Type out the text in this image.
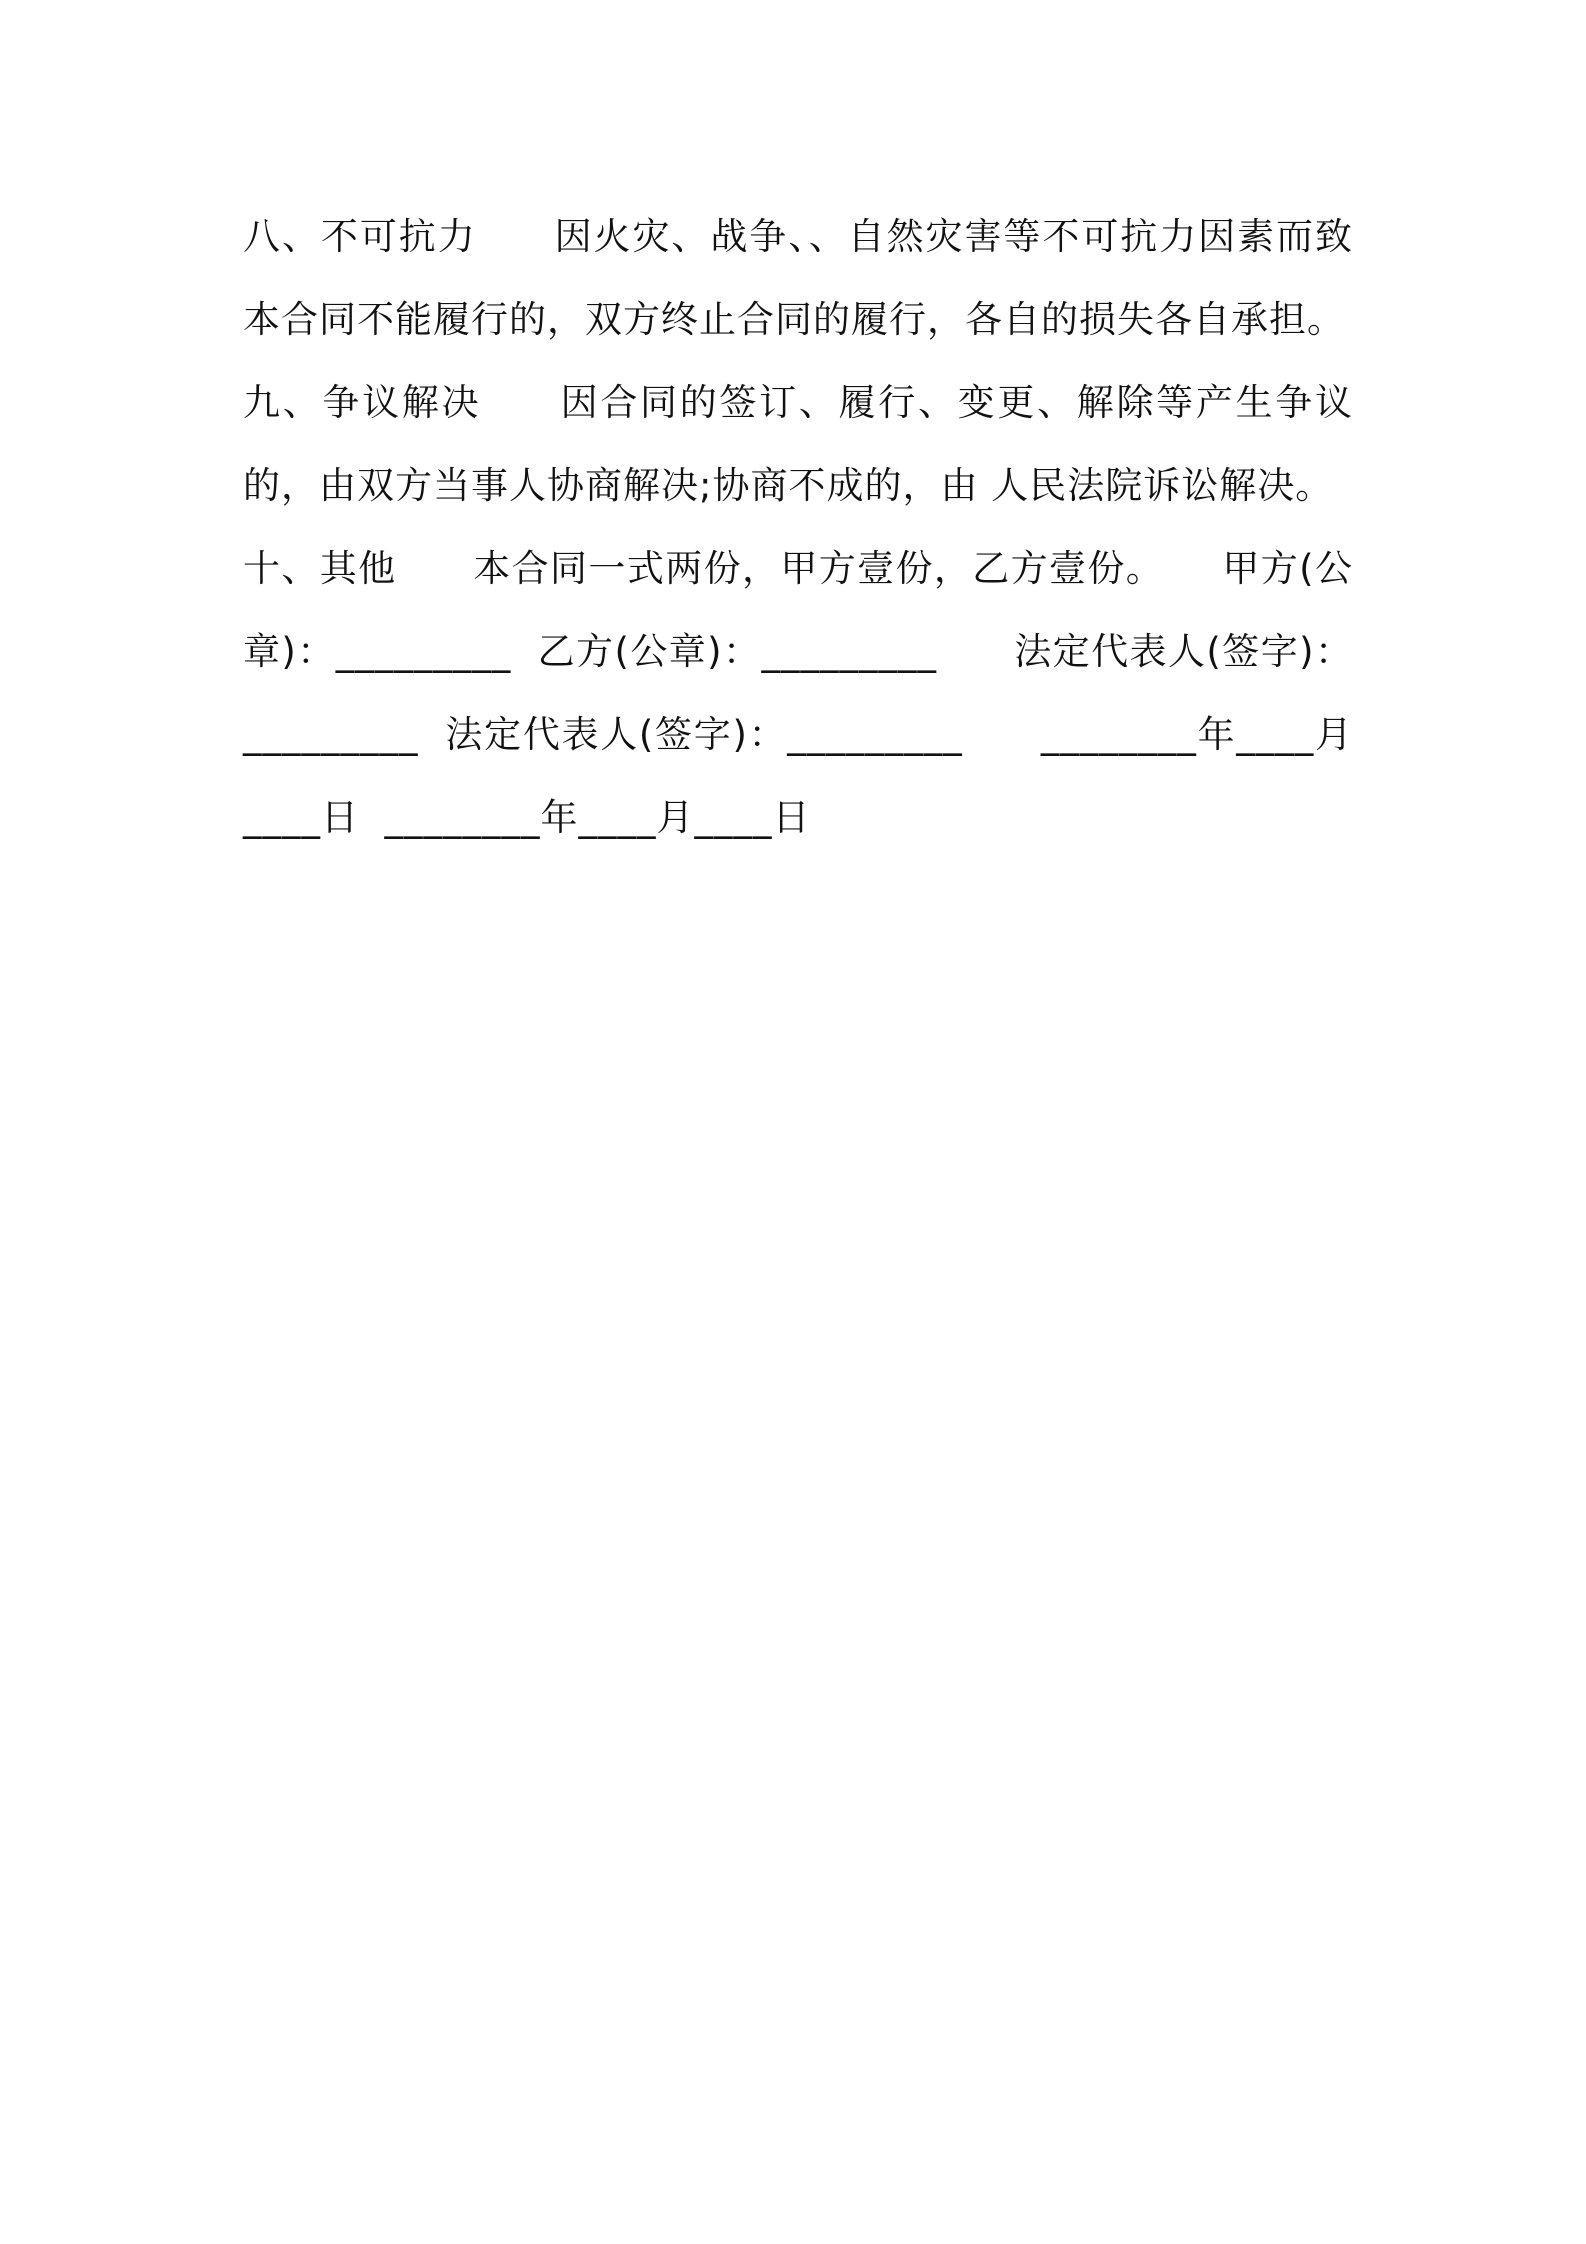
八、不可抗力　　因火灾、战争、、自然灾害等不可抗力因素而致本合同不能履行的，双方终止合同的履行，各自的损失各自承担。

九、争议解决　　因合同的签订、履行、变更、解除等产生争议的，由双方当事人协商解决;协商不成的，由 人民法院诉讼解决。

十、其他　　本合同一式两份，甲方壹份，乙方壹份。　　甲方(公章)：_________  乙方(公章)：_________　　法定代表人(签字)：_________  法定代表人(签字)：_________　　________年____月____日  ________年____月____日
